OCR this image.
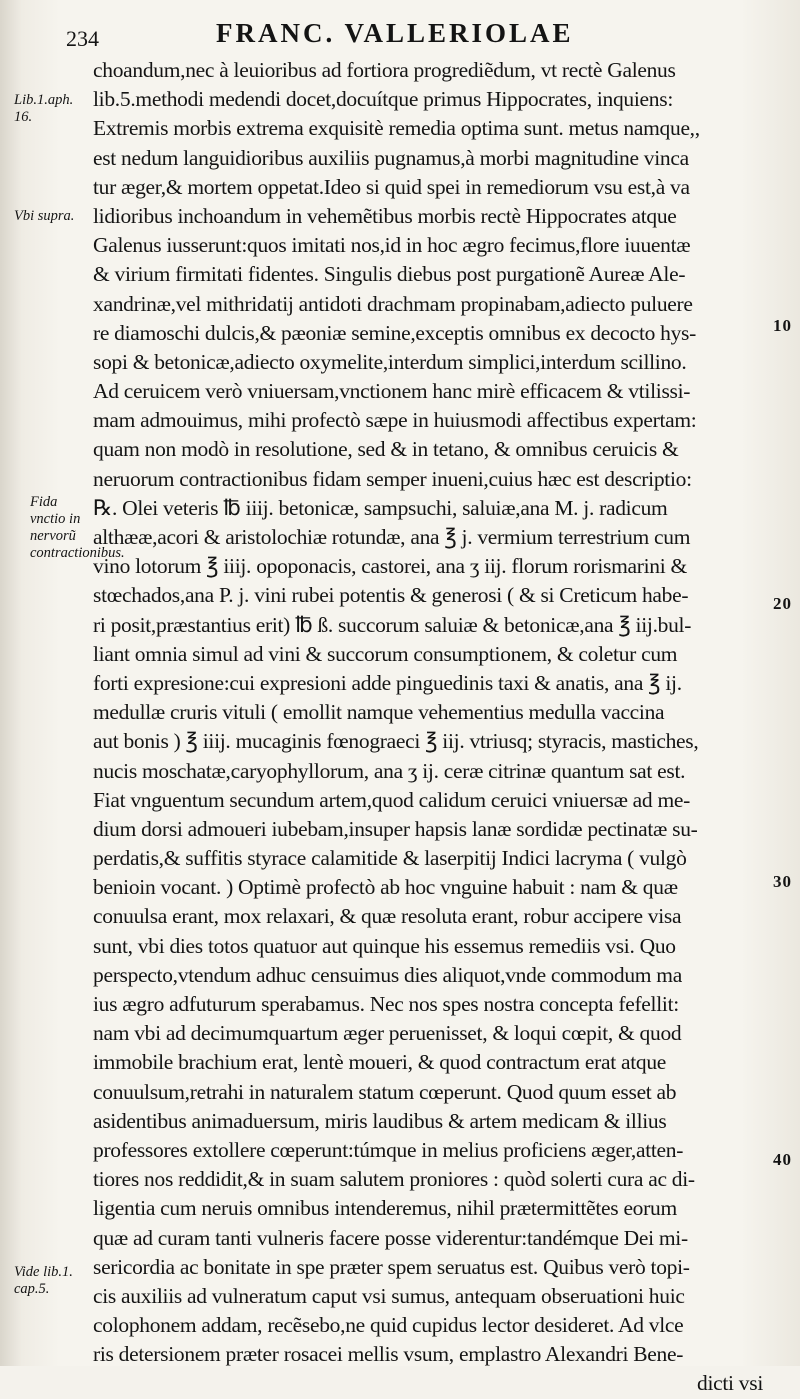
234	FRANC. VALLERIOLAE
Lib.1.aph. 16.
Vbi supra.
Fida vnctio in nervorũ contractionibus.
Vide lib.1. cap.5.
10
20
30
40
choandum,nec à leuioribus ad fortiora progrediẽdum, vt rectè Galenus
lib.5.methodi medendi docet,docuítque primus Hippocrates, inquiens:
Extremis morbis extrema exquisitè remedia optima sunt. metus namque,,
est nedum languidioribus auxiliis pugnamus,à morbi magnitudine vinca
tur æger,& mortem oppetat.Ideo si quid spei in remediorum vsu est,à va
lidioribus inchoandum in vehemẽtibus morbis rectè Hippocrates atque
Galenus iusserunt:quos imitati nos,id in hoc ægro fecimus,flore iuuentæ
& virium firmitati fidentes. Singulis diebus post purgationẽ Aureæ Ale-
xandrinæ,vel mithridatij antidoti drachmam propinabam,adiecto puluere
re diamoschi dulcis,& pæoniæ semine,exceptis omnibus ex decocto hys-
sopi & betonicæ,adiecto oxymelite,interdum simplici,interdum scillino.
Ad ceruicem verò vniuersam,vnctionem hanc mirè efficacem & vtilissi-
mam admouimus, mihi profectò sæpe in huiusmodi affectibus expertam:
quam non modò in resolutione, sed & in tetano, & omnibus ceruicis &
neruorum contractionibus fidam semper inueni,cuius hæc est descriptio:
℞. Olei veteris ℔ iiij. betonicæ, sampsuchi, saluiæ,ana M. j. radicum
althææ,acori & aristolochiæ rotundæ, ana ℥ j. vermium terrestrium cum
vino lotorum ℥ iiij. opoponacis, castorei, ana ʒ iij. florum rorismarini &
stœchados,ana P. j. vini rubei potentis & generosi ( & si Creticum habe-
ri posit,præstantius erit) ℔ ß. succorum saluiæ & betonicæ,ana ℥ iij.bul-
liant omnia simul ad vini & succorum consumptionem, & coletur cum
forti expresione:cui expresioni adde pinguedinis taxi & anatis, ana ℥ ij.
medullæ cruris vituli ( emollit namque vehementius medulla vaccina
aut bonis ) ℥ iiij. mucaginis fœnograeci ℥ iij. vtriusq; styracis, mastiches,
nucis moschatæ,caryophyllorum, ana ʒ ij. ceræ citrinæ quantum sat est.
Fiat vnguentum secundum artem,quod calidum ceruici vniuersæ ad me-
dium dorsi admoueri iubebam,insuper hapsis lanæ sordidæ pectinatæ su-
perdatis,& suffitis styrace calamitide & laserpitij Indici lacryma ( vulgò
benioin vocant. ) Optimè profectò ab hoc vnguine habuit : nam & quæ
conuulsa erant, mox relaxari, & quæ resoluta erant, robur accipere visa
sunt, vbi dies totos quatuor aut quinque his essemus remediis vsi. Quo
perspecto,vtendum adhuc censuimus dies aliquot,vnde commodum ma
ius ægro adfuturum sperabamus. Nec nos spes nostra concepta fefellit:
nam vbi ad decimumquartum æger peruenisset, & loqui cœpit, & quod
immobile brachium erat, lentè moueri, & quod contractum erat atque
conuulsum,retrahi in naturalem statum cœperunt. Quod quum esset ab
asidentibus animaduersum, miris laudibus & artem medicam & illius
professores extollere cœperunt:túmque in melius proficiens æger,atten-
tiores nos reddidit,& in suam salutem proniores : quòd solerti cura ac di-
ligentia cum neruis omnibus intenderemus, nihil prætermittẽtes eorum
quæ ad curam tanti vulneris facere posse viderentur:tandémque Dei mi-
sericordia ac bonitate in spe præter spem seruatus est. Quibus verò topi-
cis auxiliis ad vulneratum caput vsi sumus, antequam obseruationi huic
colophonem addam, recẽsebo,ne quid cupidus lector desideret. Ad vlce
ris detersionem præter rosacei mellis vsum, emplastro Alexandri Bene-
dicti vsi
